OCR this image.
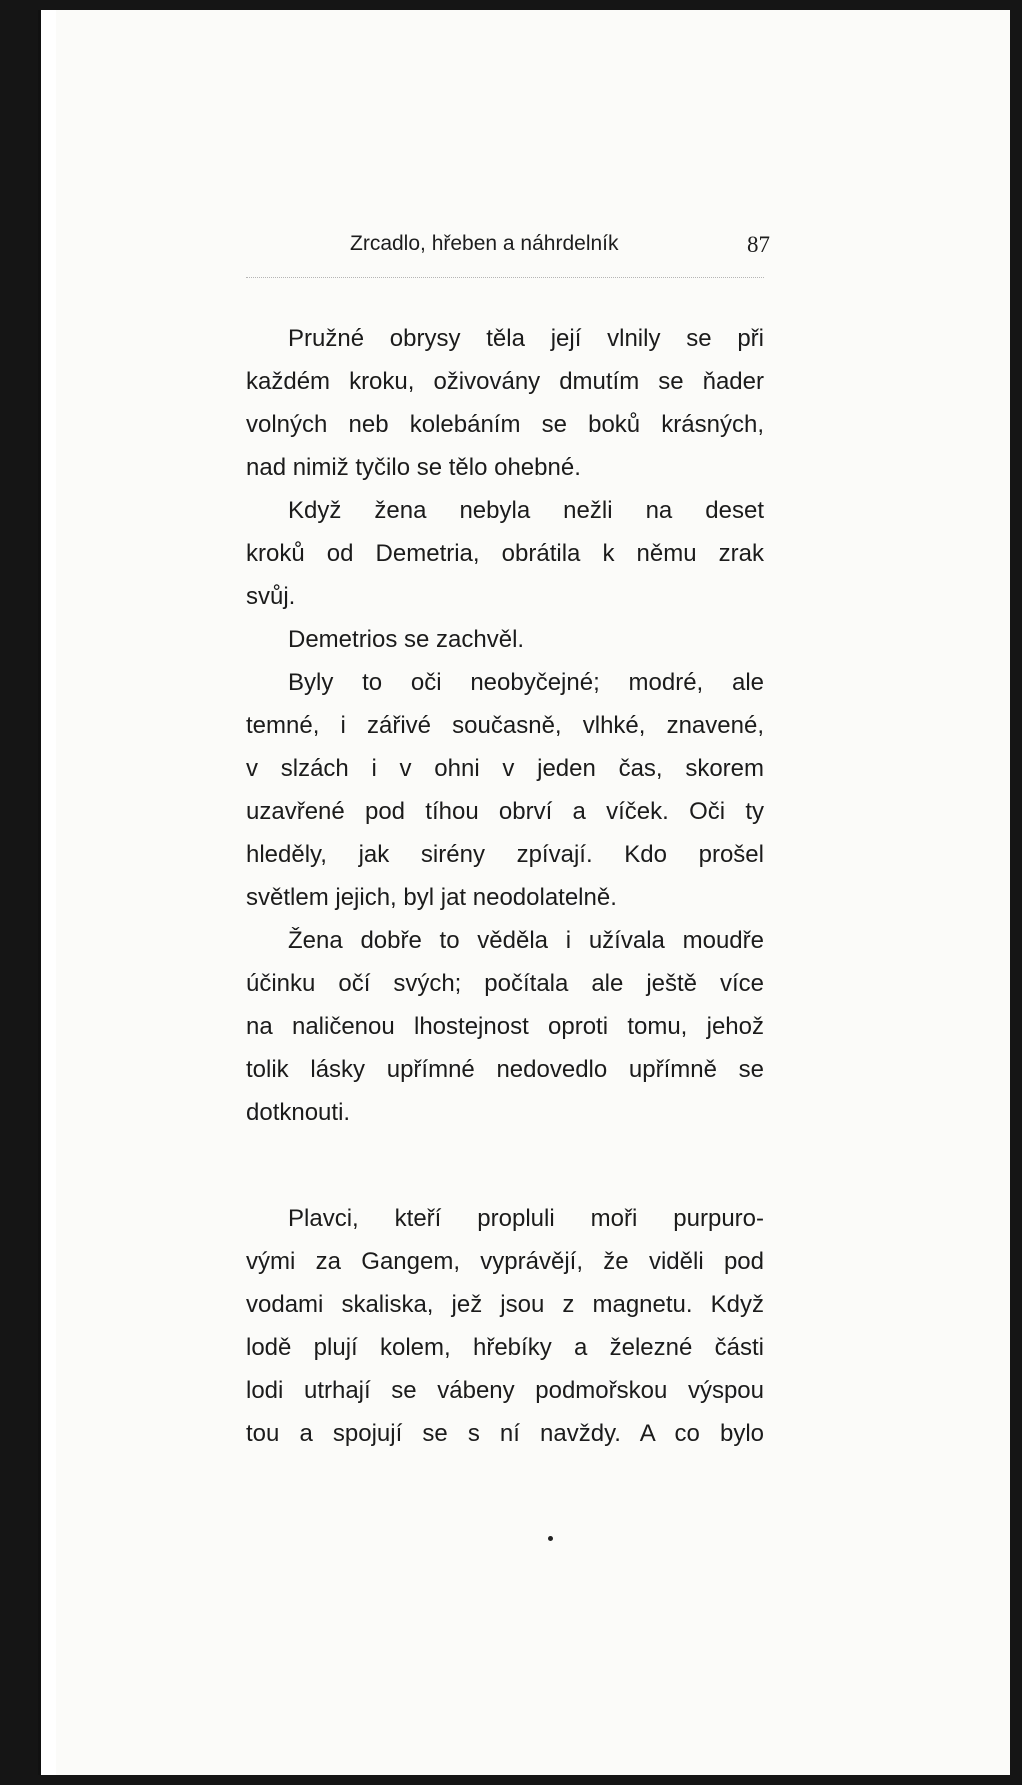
Zrcadlo, hřeben a náhrdelník	87
Pružné obrysy těla její vlnily se při
každém kroku, oživovány dmutím se ňader
volných neb kolebáním se boků krásných,
nad nimiž tyčilo se tělo ohebné.
Když žena nebyla nežli na deset
kroků od Demetria, obrátila k němu zrak
svůj.
Demetrios se zachvěl.
Byly to oči neobyčejné; modré, ale
temné, i zářivé současně, vlhké, znavené,
v slzách i v ohni v jeden čas, skorem
uzavřené pod tíhou obrví a víček. Oči ty
hleděly, jak sirény zpívají. Kdo prošel
světlem jejich, byl jat neodolatelně.
Žena dobře to věděla i užívala moudře
účinku očí svých; počítala ale ještě více
na naličenou lhostejnost oproti tomu, jehož
tolik lásky upřímné nedovedlo upřímně se
dotknouti.
Plavci, kteří propluli moři purpuro-
vými za Gangem, vyprávějí, že viděli pod
vodami skaliska, jež jsou z magnetu. Když
lodě plují kolem, hřebíky a železné části
lodi utrhají se vábeny podmořskou výspou
tou a spojují se s ní navždy. A co bylo
